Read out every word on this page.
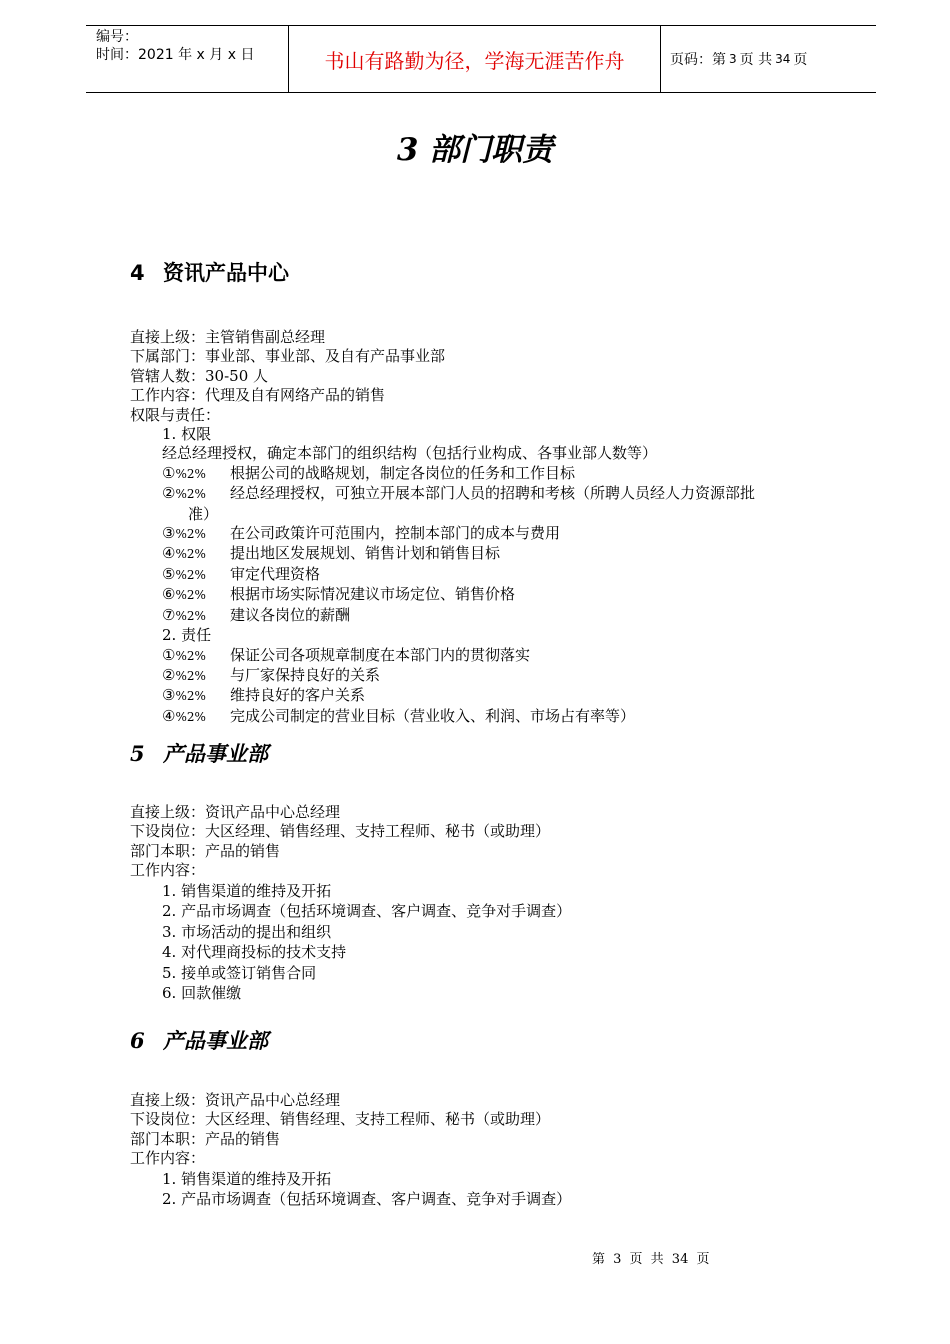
编号：
时间：2021 年 x 月 x 日	书山有路勤为径，学海无涯苦作舟	页码：第 3 页 共 34 页
3 部门职责
4 资讯产品中心

直接上级：主管销售副总经理

下属部门：事业部、事业部、及自有产品事业部

管辖人数：30-50 人

工作内容：代理及自有网络产品的销售

权限与责任：

1. 权限

经总经理授权，确定本部门的组织结构（包括行业构成、各事业部人数等）

①%2% 根据公司的战略规划，制定各岗位的任务和工作目标

②%2% 经总经理授权，可独立开展本部门人员的招聘和考核（所聘人员经人力资源部批

准）

③%2% 在公司政策许可范围内，控制本部门的成本与费用

④%2% 提出地区发展规划、销售计划和销售目标

⑤%2% 审定代理资格

⑥%2% 根据市场实际情况建议市场定位、销售价格

⑦%2% 建议各岗位的薪酬

2. 责任

①%2% 保证公司各项规章制度在本部门内的贯彻落实

②%2% 与厂家保持良好的关系

③%2% 维持良好的客户关系

④%2% 完成公司制定的营业目标（营业收入、利润、市场占有率等）

5 产品事业部

直接上级：资讯产品中心总经理

下设岗位：大区经理、销售经理、支持工程师、秘书（或助理）

部门本职：产品的销售

工作内容：

1. 销售渠道的维持及开拓

2. 产品市场调查（包括环境调查、客户调查、竞争对手调查）

3. 市场活动的提出和组织

4. 对代理商投标的技术支持

5. 接单或签订销售合同

6. 回款催缴

6 产品事业部

直接上级：资讯产品中心总经理

下设岗位：大区经理、销售经理、支持工程师、秘书（或助理）

部门本职：产品的销售

工作内容：

1. 销售渠道的维持及开拓

2. 产品市场调查（包括环境调查、客户调查、竞争对手调查）

第 3 页 共 34 页
